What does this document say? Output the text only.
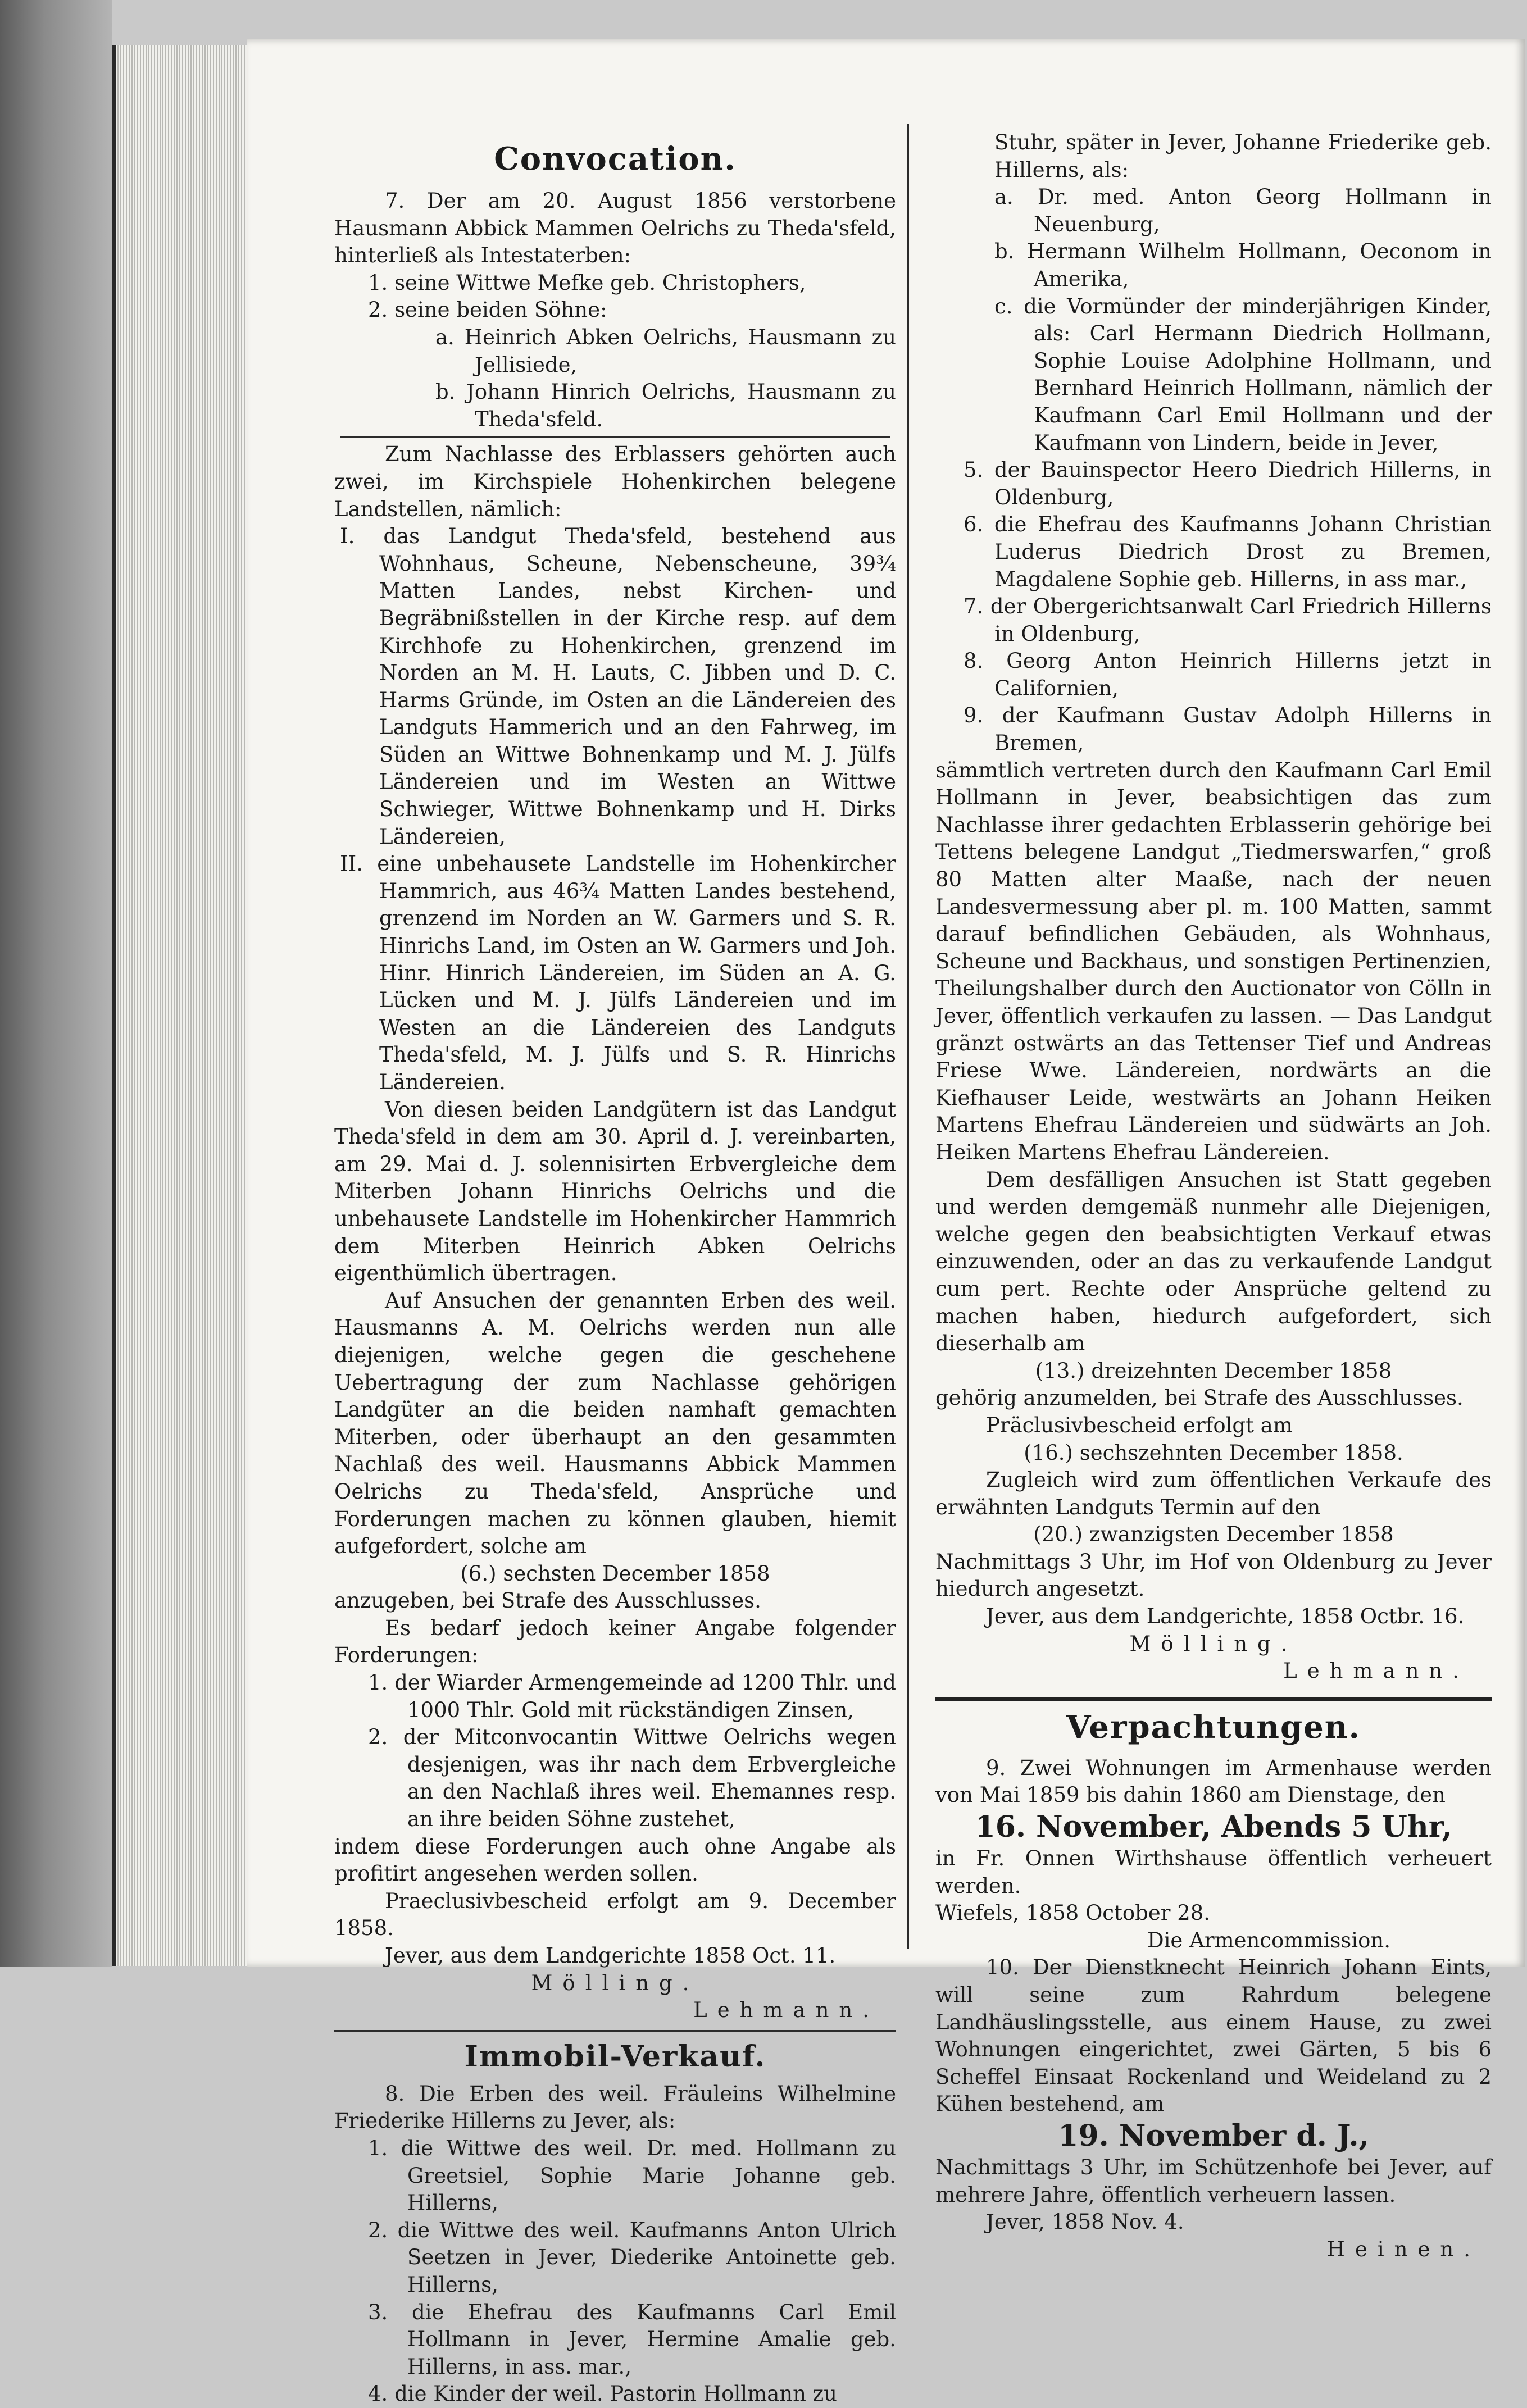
Convocation.

7. Der am 20. August 1856 verstorbene Hausmann Abbick Mammen Oelrichs zu Theda'sfeld, hinterließ als Intestaterben:

1. seine Wittwe Mefke geb. Christophers,

2. seine beiden Söhne:

a. Heinrich Abken Oelrichs, Hausmann zu Jellisiede,

b. Johann Hinrich Oelrichs, Hausmann zu Theda'sfeld.

Zum Nachlasse des Erblassers gehörten auch zwei, im Kirchspiele Hohenkirchen belegene Landstellen, nämlich:

I. das Landgut Theda'sfeld, bestehend aus Wohnhaus, Scheune, Nebenscheune, 39¾ Matten Landes, nebst Kirchen- und Begräbnißstellen in der Kirche resp. auf dem Kirchhofe zu Hohenkirchen, grenzend im Norden an M. H. Lauts, C. Jibben und D. C. Harms Gründe, im Osten an die Ländereien des Landguts Hammerich und an den Fahrweg, im Süden an Wittwe Bohnenkamp und M. J. Jülfs Ländereien und im Westen an Wittwe Schwieger, Wittwe Bohnenkamp und H. Dirks Ländereien,

II. eine unbehausete Landstelle im Hohenkircher Hammrich, aus 46¾ Matten Landes bestehend, grenzend im Norden an W. Garmers und S. R. Hinrichs Land, im Osten an W. Garmers und Joh. Hinr. Hinrich Ländereien, im Süden an A. G. Lücken und M. J. Jülfs Ländereien und im Westen an die Ländereien des Landguts Theda'sfeld, M. J. Jülfs und S. R. Hinrichs Ländereien.

Von diesen beiden Landgütern ist das Landgut Theda'sfeld in dem am 30. April d. J. vereinbarten, am 29. Mai d. J. solennisirten Erbvergleiche dem Miterben Johann Hinrichs Oelrichs und die unbehausete Landstelle im Hohenkircher Hammrich dem Miterben Heinrich Abken Oelrichs eigenthümlich übertragen.

Auf Ansuchen der genannten Erben des weil. Hausmanns A. M. Oelrichs werden nun alle diejenigen, welche gegen die geschehene Uebertragung der zum Nachlasse gehörigen Landgüter an die beiden namhaft gemachten Miterben, oder überhaupt an den gesammten Nachlaß des weil. Hausmanns Abbick Mammen Oelrichs zu Theda'sfeld, Ansprüche und Forderungen machen zu können glauben, hiemit aufgefordert, solche am

(6.) sechsten December 1858

anzugeben, bei Strafe des Ausschlusses.

Es bedarf jedoch keiner Angabe folgender Forderungen:

1. der Wiarder Armengemeinde ad 1200 Thlr. und 1000 Thlr. Gold mit rückständigen Zinsen,

2. der Mitconvocantin Wittwe Oelrichs wegen desjenigen, was ihr nach dem Erbvergleiche an den Nachlaß ihres weil. Ehemannes resp. an ihre beiden Söhne zustehet,

indem diese Forderungen auch ohne Angabe als profitirt angesehen werden sollen.

Praeclusivbescheid erfolgt am 9. December 1858.

Jever, aus dem Landgerichte 1858 Oct. 11.

Mölling.

Lehmann.

Immobil-Verkauf.

8. Die Erben des weil. Fräuleins Wilhelmine Friederike Hillerns zu Jever, als:

1. die Wittwe des weil. Dr. med. Hollmann zu Greetsiel, Sophie Marie Johanne geb. Hillerns,

2. die Wittwe des weil. Kaufmanns Anton Ulrich Seetzen in Jever, Diederike Antoinette geb. Hillerns,

3. die Ehefrau des Kaufmanns Carl Emil Hollmann in Jever, Hermine Amalie geb. Hillerns, in ass. mar.,

4. die Kinder der weil. Pastorin Hollmann zu

Stuhr, später in Jever, Johanne Friederike geb. Hillerns, als:

a. Dr. med. Anton Georg Hollmann in Neuenburg,

b. Hermann Wilhelm Hollmann, Oeconom in Amerika,

c. die Vormünder der minderjährigen Kinder, als: Carl Hermann Diedrich Hollmann, Sophie Louise Adolphine Hollmann, und Bernhard Heinrich Hollmann, nämlich der Kaufmann Carl Emil Hollmann und der Kaufmann von Lindern, beide in Jever,

5. der Bauinspector Heero Diedrich Hillerns, in Oldenburg,

6. die Ehefrau des Kaufmanns Johann Christian Luderus Diedrich Drost zu Bremen, Magdalene Sophie geb. Hillerns, in ass mar.,

7. der Obergerichtsanwalt Carl Friedrich Hillerns in Oldenburg,

8. Georg Anton Heinrich Hillerns jetzt in Californien,

9. der Kaufmann Gustav Adolph Hillerns in Bremen,

sämmtlich vertreten durch den Kaufmann Carl Emil Hollmann in Jever, beabsichtigen das zum Nachlasse ihrer gedachten Erblasserin gehörige bei Tettens belegene Landgut „Tiedmerswarfen,“ groß 80 Matten alter Maaße, nach der neuen Landesvermessung aber pl. m. 100 Matten, sammt darauf befindlichen Gebäuden, als Wohnhaus, Scheune und Backhaus, und sonstigen Pertinenzien, Theilungshalber durch den Auctionator von Cölln in Jever, öffentlich verkaufen zu lassen. — Das Landgut gränzt ostwärts an das Tettenser Tief und Andreas Friese Wwe. Ländereien, nordwärts an die Kiefhauser Leide, westwärts an Johann Heiken Martens Ehefrau Ländereien und südwärts an Joh. Heiken Martens Ehefrau Ländereien.

Dem desfälligen Ansuchen ist Statt gegeben und werden demgemäß nunmehr alle Diejenigen, welche gegen den beabsichtigten Verkauf etwas einzuwenden, oder an das zu verkaufende Landgut cum pert. Rechte oder Ansprüche geltend zu machen haben, hiedurch aufgefordert, sich dieserhalb am

(13.) dreizehnten December 1858

gehörig anzumelden, bei Strafe des Ausschlusses.

Präclusivbescheid erfolgt am

(16.) sechszehnten December 1858.

Zugleich wird zum öffentlichen Verkaufe des erwähnten Landguts Termin auf den

(20.) zwanzigsten December 1858

Nachmittags 3 Uhr, im Hof von Oldenburg zu Jever hiedurch angesetzt.

Jever, aus dem Landgerichte, 1858 Octbr. 16.

Mölling.

Lehmann.

Verpachtungen.

9. Zwei Wohnungen im Armenhause werden von Mai 1859 bis dahin 1860 am Dienstage, den

16. November, Abends 5 Uhr,

in Fr. Onnen Wirthshause öffentlich verheuert werden.

Wiefels, 1858 October 28.

Die Armencommission.

10. Der Dienstknecht Heinrich Johann Eints, will seine zum Rahrdum belegene Landhäuslingsstelle, aus einem Hause, zu zwei Wohnungen eingerichtet, zwei Gärten, 5 bis 6 Scheffel Einsaat Rockenland und Weideland zu 2 Kühen bestehend, am

19. November d. J.,

Nachmittags 3 Uhr, im Schützenhofe bei Jever, auf mehrere Jahre, öffentlich verheuern lassen.

Jever, 1858 Nov. 4.

Heinen.
